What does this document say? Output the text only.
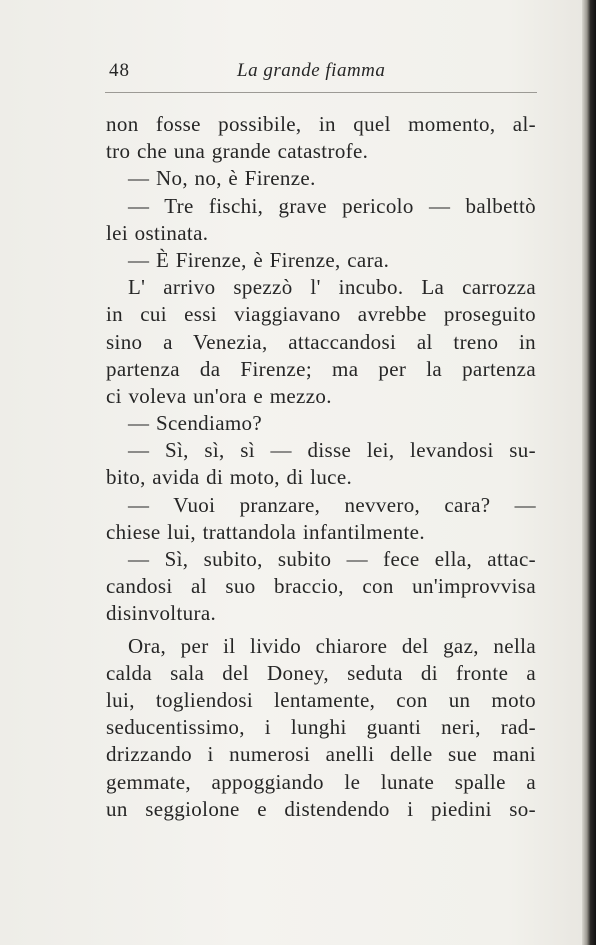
48	La grande fiamma
non fosse possibile, in quel momento, al-
tro che una grande catastrofe.
— No, no, è Firenze.
— Tre fischi, grave pericolo — balbettò
lei ostinata.
— È Firenze, è Firenze, cara.
L' arrivo spezzò l' incubo. La carrozza
in cui essi viaggiavano avrebbe proseguito
sino a Venezia, attaccandosi al treno in
partenza da Firenze; ma per la partenza
ci voleva un'ora e mezzo.
— Scendiamo?
— Sì, sì, sì — disse lei, levandosi su-
bito, avida di moto, di luce.
— Vuoi pranzare, nevvero, cara? —
chiese lui, trattandola infantilmente.
— Sì, subito, subito — fece ella, attac-
candosi al suo braccio, con un'improvvisa
disinvoltura.
Ora, per il livido chiarore del gaz, nella
calda sala del Doney, seduta di fronte a
lui, togliendosi lentamente, con un moto
seducentissimo, i lunghi guanti neri, rad-
drizzando i numerosi anelli delle sue mani
gemmate, appoggiando le lunate spalle a
un seggiolone e distendendo i piedini so-
